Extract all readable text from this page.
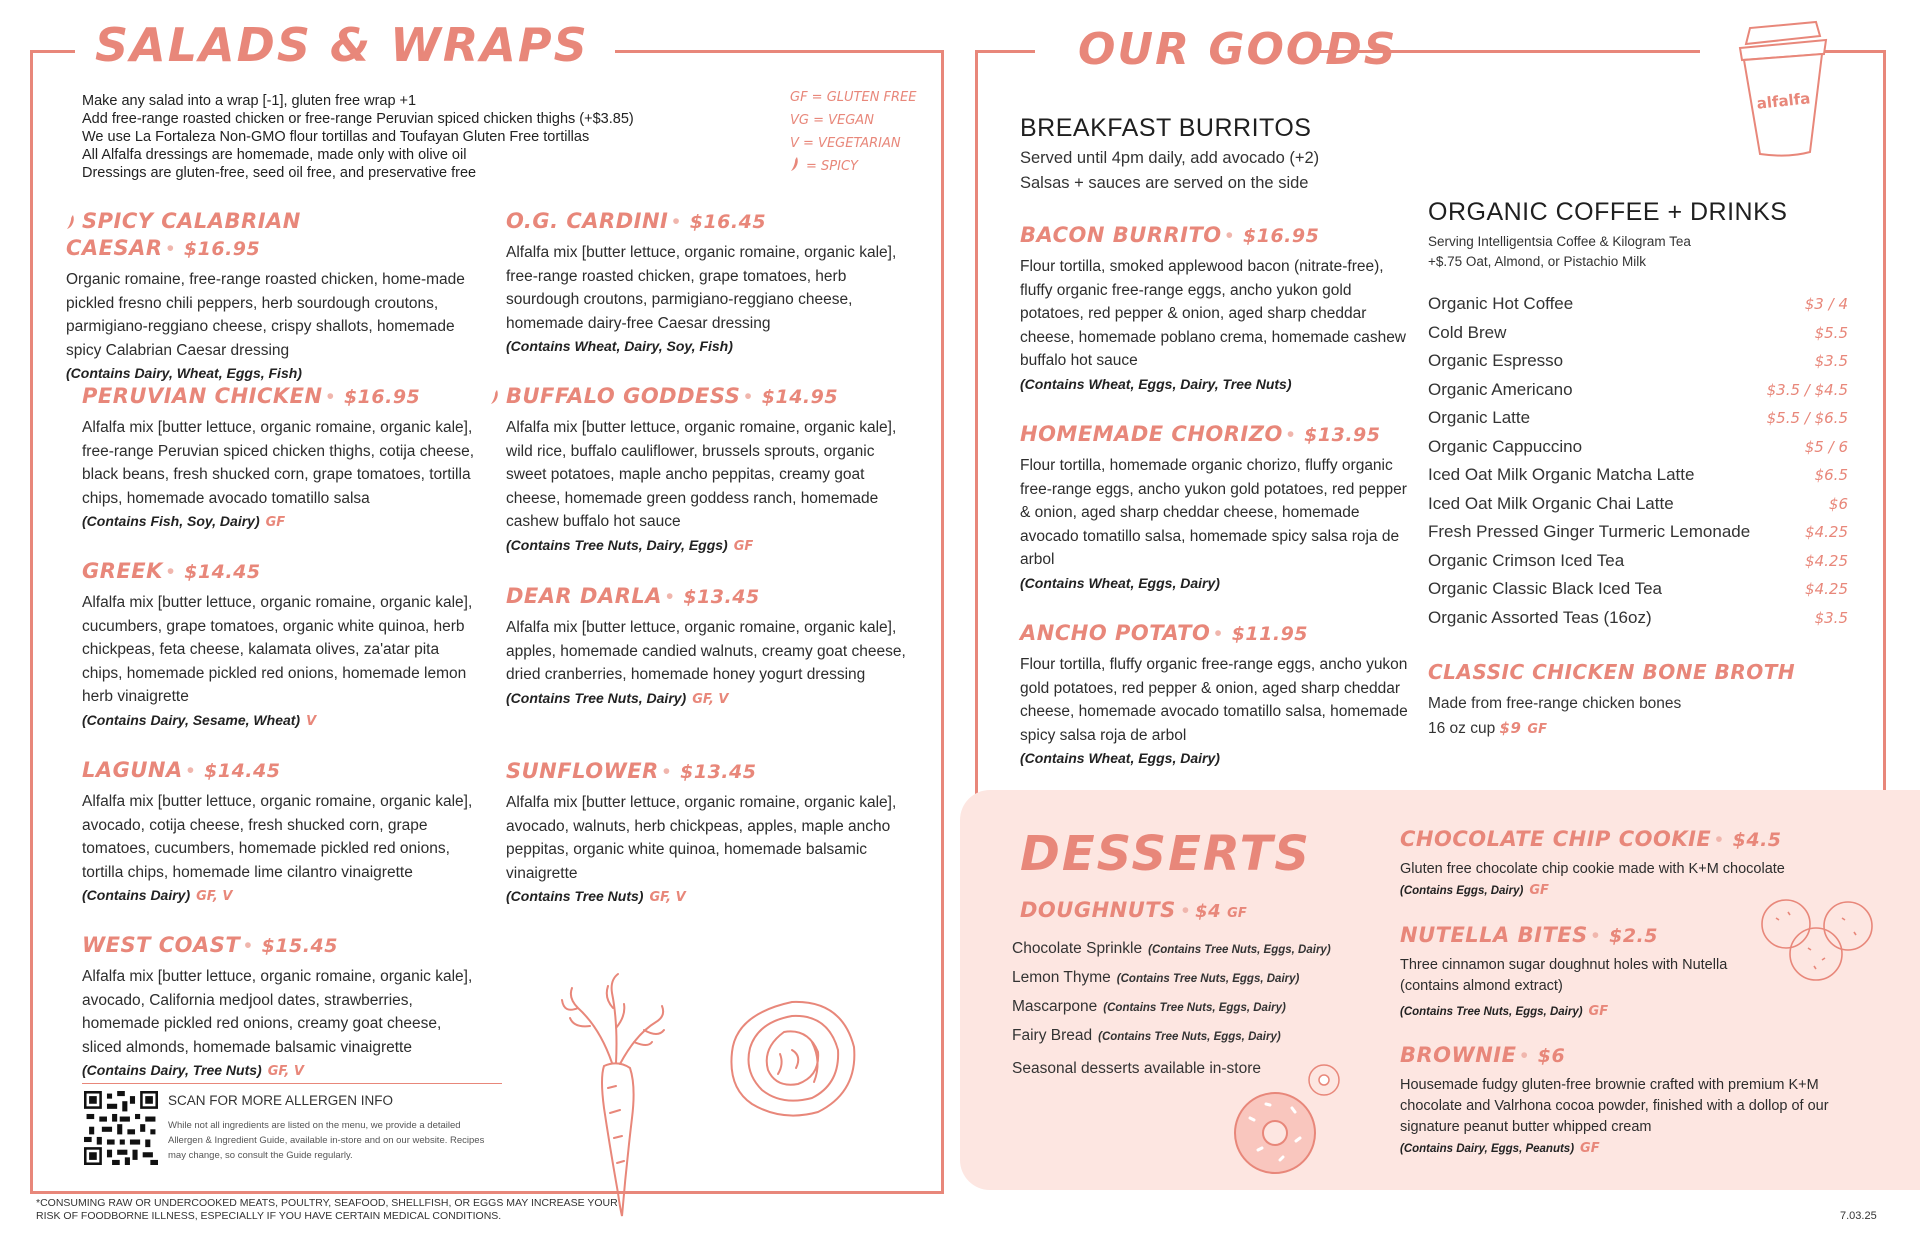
SALADS & WRAPS
Make any salad into a wrap [-1], gluten free wrap +1
Add free-range roasted chicken or free-range Peruvian spiced chicken thighs (+$3.85)
We use La Fortaleza Non-GMO flour tortillas and Toufayan Gluten Free tortillas
All Alfalfa dressings are homemade, made only with olive oil
Dressings are gluten-free, seed oil free, and preservative free
GF = GLUTEN FREE
VG = VEGAN
V = VEGETARIAN
= SPICY
SPICY CALABRIAN CAESAR • $16.95
Organic romaine, free-range roasted chicken, home-made pickled fresno chili peppers, herb sourdough croutons, parmigiano-reggiano cheese, crispy shallots, homemade spicy Calabrian Caesar dressing
(Contains Dairy, Wheat, Eggs, Fish)
PERUVIAN CHICKEN • $16.95
Alfalfa mix [butter lettuce, organic romaine, organic kale], free-range Peruvian spiced chicken thighs, cotija cheese, black beans, fresh shucked corn, grape tomatoes, tortilla chips, homemade avocado tomatillo salsa
(Contains Fish, Soy, Dairy) GF
GREEK • $14.45
Alfalfa mix [butter lettuce, organic romaine, organic kale], cucumbers, grape tomatoes, organic white quinoa, herb chickpeas, feta cheese, kalamata olives, za'atar pita chips, homemade pickled red onions, homemade lemon herb vinaigrette
(Contains Dairy, Sesame, Wheat) V
LAGUNA • $14.45
Alfalfa mix [butter lettuce, organic romaine, organic kale], avocado, cotija cheese, fresh shucked corn, grape tomatoes, cucumbers, homemade pickled red onions, tortilla chips, homemade lime cilantro vinaigrette
(Contains Dairy) GF, V
WEST COAST • $15.45
Alfalfa mix [butter lettuce, organic romaine, organic kale], avocado, California medjool dates, strawberries, homemade pickled red onions, creamy goat cheese, sliced almonds, homemade balsamic vinaigrette
(Contains Dairy, Tree Nuts) GF, V
O.G. CARDINI • $16.45
Alfalfa mix [butter lettuce, organic romaine, organic kale], free-range roasted chicken, grape tomatoes, herb sourdough croutons, parmigiano-reggiano cheese, homemade dairy-free Caesar dressing
(Contains Wheat, Dairy, Soy, Fish)
BUFFALO GODDESS • $14.95
Alfalfa mix [butter lettuce, organic romaine, organic kale], wild rice, buffalo cauliflower, brussels sprouts, organic sweet potatoes, maple ancho peppitas, creamy goat cheese, homemade green goddess ranch, homemade cashew buffalo hot sauce
(Contains Tree Nuts, Dairy, Eggs) GF
DEAR DARLA • $13.45
Alfalfa mix [butter lettuce, organic romaine, organic kale], apples, homemade candied walnuts, creamy goat cheese, dried cranberries, homemade honey yogurt dressing
(Contains Tree Nuts, Dairy) GF, V
SUNFLOWER • $13.45
Alfalfa mix [butter lettuce, organic romaine, organic kale], avocado, walnuts, herb chickpeas, apples, maple ancho peppitas, organic white quinoa, homemade balsamic vinaigrette
(Contains Tree Nuts) GF, V
SCAN FOR MORE ALLERGEN INFO
While not all ingredients are listed on the menu, we provide a detailed Allergen & Ingredient Guide, available in-store and on our website. Recipes may change, so consult the Guide regularly.
*CONSUMING RAW OR UNDERCOOKED MEATS, POULTRY, SEAFOOD, SHELLFISH, OR EGGS MAY INCREASE YOUR RISK OF FOODBORNE ILLNESS, ESPECIALLY IF YOU HAVE CERTAIN MEDICAL CONDITIONS.
OUR GOODS
alfalfa
BREAKFAST BURRITOS
Served until 4pm daily, add avocado (+2)
Salsas + sauces are served on the side
BACON BURRITO • $16.95
Flour tortilla, smoked applewood bacon (nitrate-free), fluffy organic free-range eggs, ancho yukon gold potatoes, red pepper & onion, aged sharp cheddar cheese, homemade poblano crema, homemade cashew buffalo hot sauce
(Contains Wheat, Eggs, Dairy, Tree Nuts)
HOMEMADE CHORIZO • $13.95
Flour tortilla, homemade organic chorizo, fluffy organic free-range eggs, ancho yukon gold potatoes, red pepper & onion, aged sharp cheddar cheese, homemade avocado tomatillo salsa, homemade spicy salsa roja de arbol
(Contains Wheat, Eggs, Dairy)
ANCHO POTATO • $11.95
Flour tortilla, fluffy organic free-range eggs, ancho yukon gold potatoes, red pepper & onion, aged sharp cheddar cheese, homemade avocado tomatillo salsa, homemade spicy salsa roja de arbol
(Contains Wheat, Eggs, Dairy)
ORGANIC COFFEE + DRINKS
Serving Intelligentsia Coffee & Kilogram Tea
+$.75 Oat, Almond, or Pistachio Milk
Organic Hot Coffee	$3 / 4
Cold Brew	$5.5
Organic Espresso	$3.5
Organic Americano	$3.5 / $4.5
Organic Latte	$5.5 / $6.5
Organic Cappuccino	$5 / 6
Iced Oat Milk Organic Matcha Latte	$6.5
Iced Oat Milk Organic Chai Latte	$6
Fresh Pressed Ginger Turmeric Lemonade	$4.25
Organic Crimson Iced Tea	$4.25
Organic Classic Black Iced Tea	$4.25
Organic Assorted Teas (16oz)	$3.5
CLASSIC CHICKEN BONE BROTH
Made from free-range chicken bones
16 oz cup $9 GF
DESSERTS
DOUGHNUTS • $4 GF
Chocolate Sprinkle (Contains Tree Nuts, Eggs, Dairy)
Lemon Thyme (Contains Tree Nuts, Eggs, Dairy)
Mascarpone (Contains Tree Nuts, Eggs, Dairy)
Fairy Bread (Contains Tree Nuts, Eggs, Dairy)
Seasonal desserts available in-store
CHOCOLATE CHIP COOKIE • $4.5
Gluten free chocolate chip cookie made with K+M chocolate
(Contains Eggs, Dairy) GF
NUTELLA BITES • $2.5
Three cinnamon sugar doughnut holes with Nutella (contains almond extract)
(Contains Tree Nuts, Eggs, Dairy) GF
BROWNIE • $6
Housemade fudgy gluten-free brownie crafted with premium K+M chocolate and Valrhona cocoa powder, finished with a dollop of our signature peanut butter whipped cream
(Contains Dairy, Eggs, Peanuts) GF
7.03.25
